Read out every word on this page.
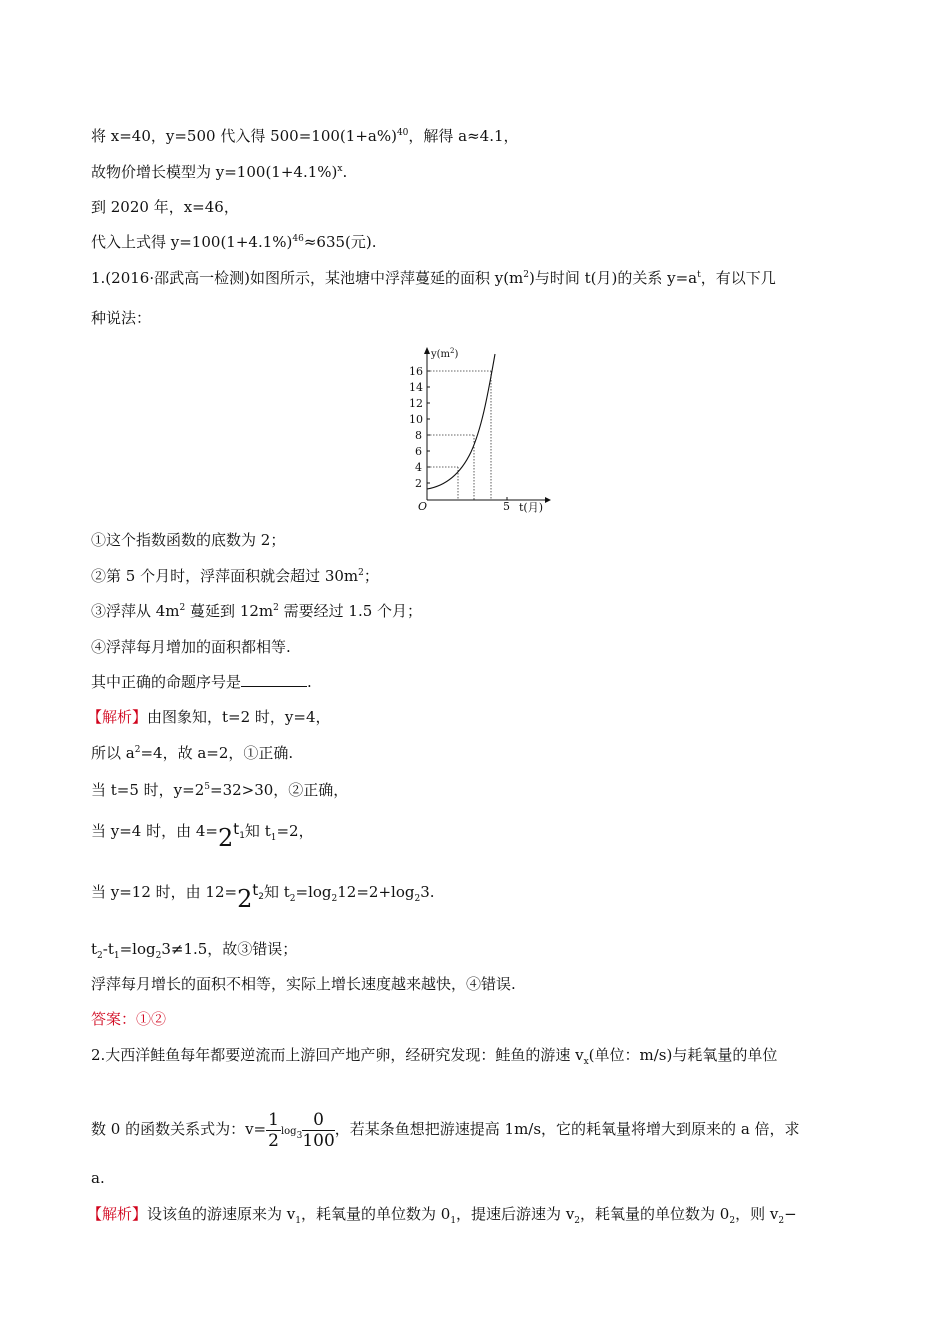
将 x=40，y=500 代入得 $500=100(1+a\%)^{40}$，解得 a≈4.1，
故物价增长模型为 $y=100(1+4.1\%)^x$.
到 2020 年，x=46，
代入上式得 $y=100(1+4.1\%)^{46}\approx 635$(元).
1.(2016·邵武高一检测)如图所示，某池塘中浮萍蔓延的面积 $y(m^2)$与时间 t(月)的关系 $y=a^t$，有以下几
种说法：
$y(m^2)$
16
14
12
10
8
6
4
2
5
O	t(月)
①这个指数函数的底数为 2；
②第 5 个月时，浮萍面积就会超过 $30m^2$；
③浮萍从 $4m^2$ 蔓延到 $12m^2$ 需要经过 1.5 个月；
④浮萍每月增加的面积都相等.
其中正确的命题序号是	.
【解析】由图象知，t=2 时，y=4，
所以 $a^2=4$，故 a=2，①正确.
当 t=5 时，$y=2^5=32>30$，②正确，
当 y=4 时，由 $4=2t_1$知 $t_1=2$，
当 y=12 时，由 $12=2t_2$知 $t_2=\log_212=2+\log_23$.
$t_2-t_1=\log_23\ne 1.5$，故③错误；
浮萍每月增长的面积不相等，实际上增长速度越来越快，④错误.
答案：①②
2.大西洋鲑鱼每年都要逆流而上游回产地产卵，经研究发现：鲑鱼的游速 $v_x$(单位：m/s)与耗氧量的单位
数 0 的函数关系式为：$v= \frac{1}{2} \log_3 \frac{0}{100}$ ，若某条鱼想把游速提高 1m/s，它的耗氧量将增大到原来的 a 倍，求
a.
【解析】设该鱼的游速原来为 $v_1$，耗氧量的单位数为 $0_1$，提速后游速为 $v_2$，耗氧量的单位数为 $0_2$，则 $v_2-$
